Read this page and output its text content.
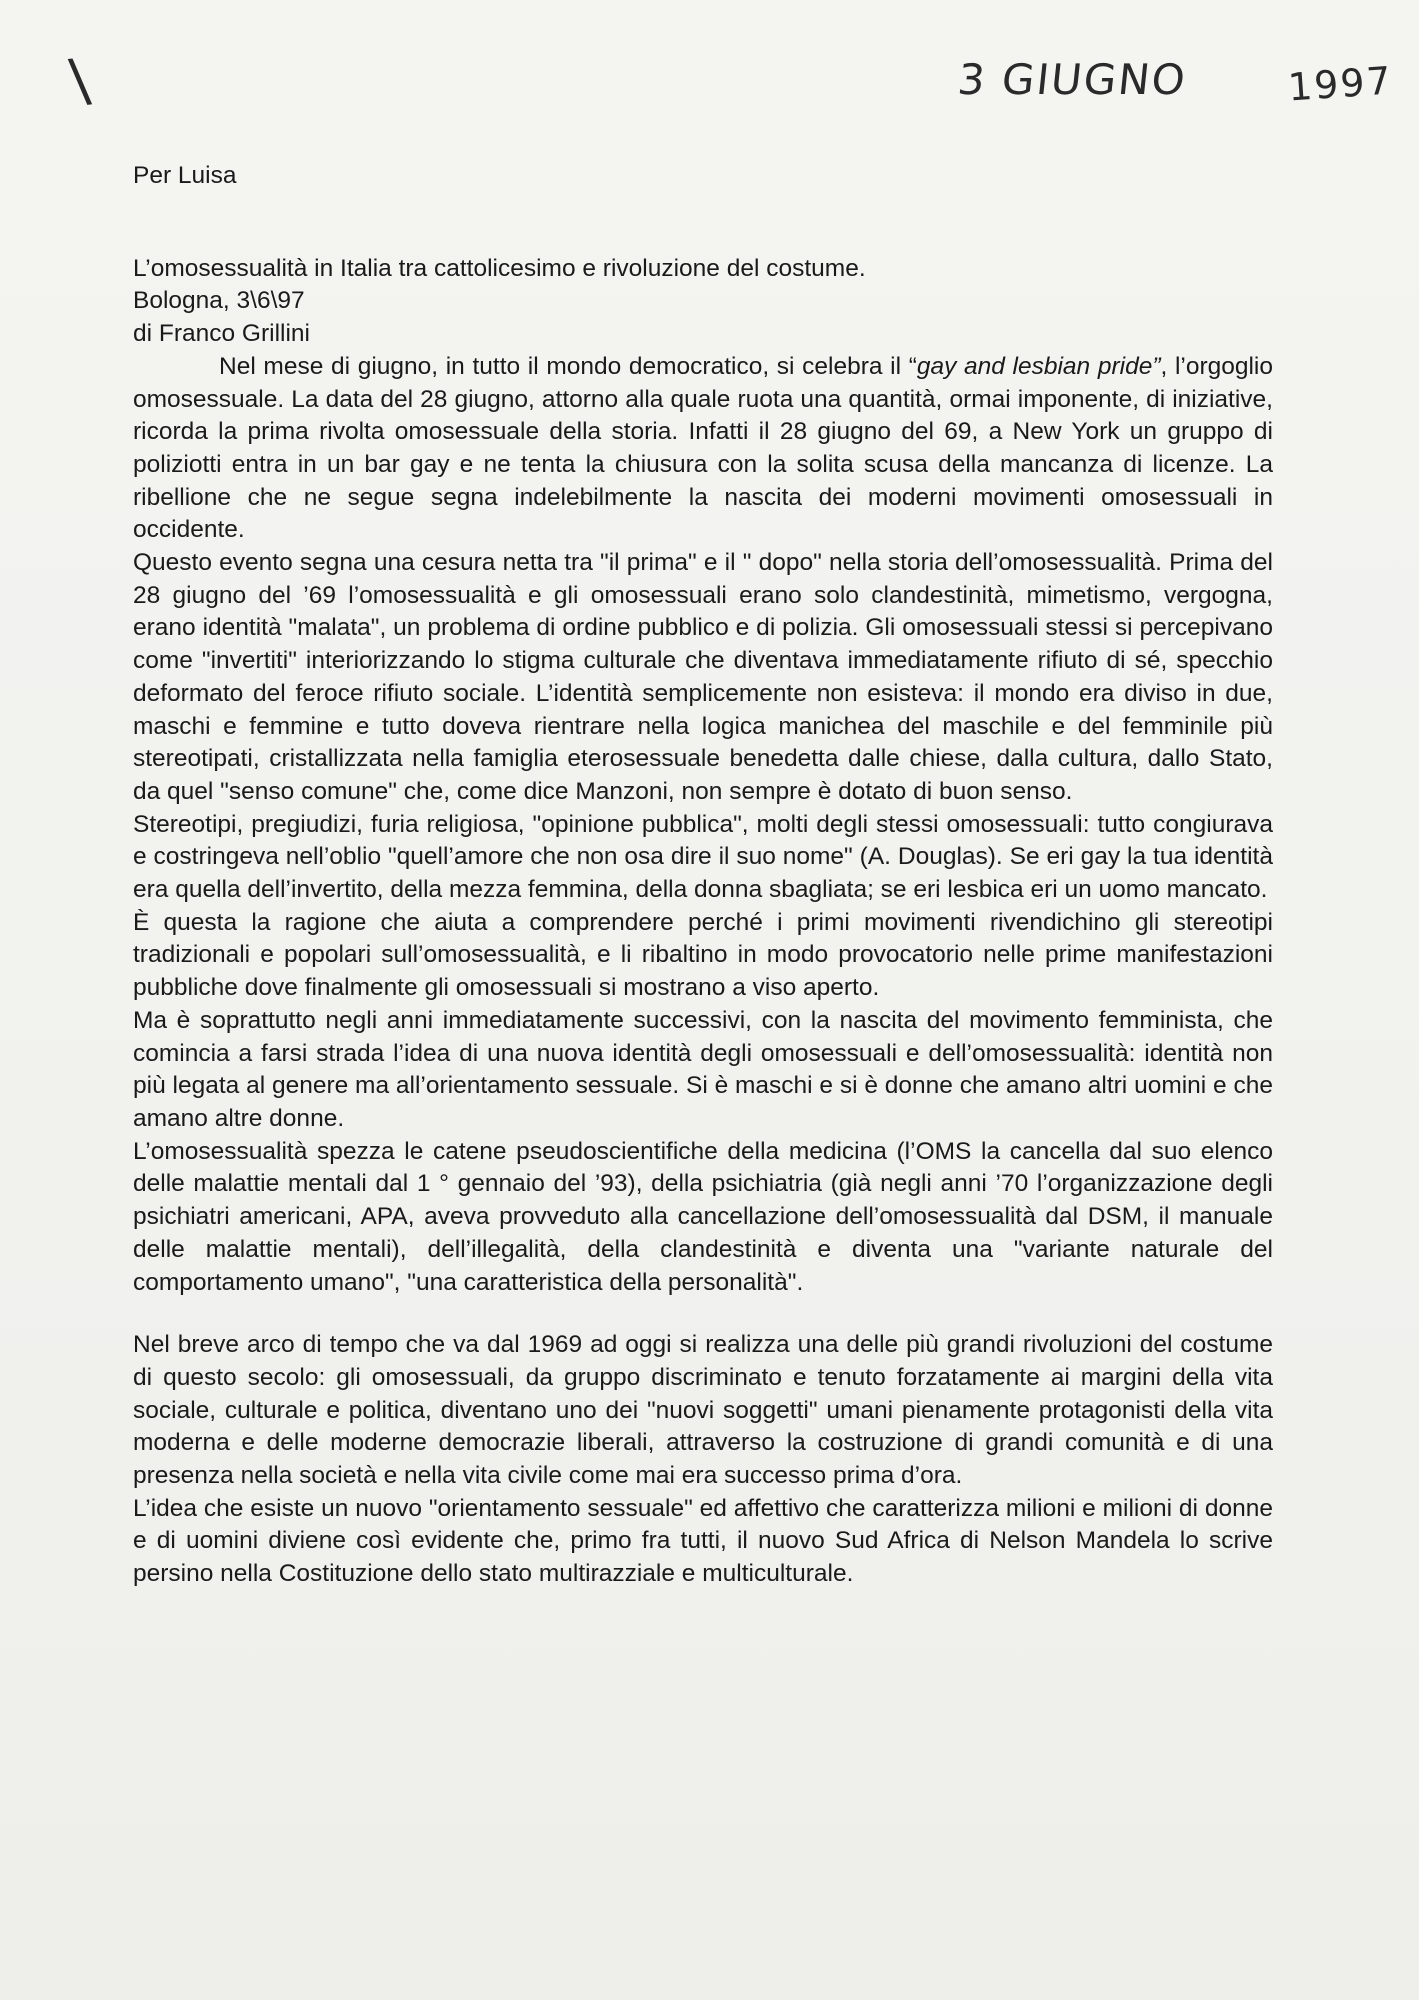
\	3 GIUGNO	1997

Per Luisa

L’omosessualità in Italia tra cattolicesimo e rivoluzione del costume.

Bologna, 3\6\97

di Franco Grillini

Nel mese di giugno, in tutto il mondo democratico, si celebra il “gay and lesbian pride”, l’orgoglio omosessuale. La data del 28 giugno, attorno alla quale ruota una quantità, ormai imponente, di iniziative, ricorda la prima rivolta omosessuale della storia. Infatti il 28 giugno del 69, a New York un gruppo di poliziotti entra in un bar gay e ne tenta la chiusura con la solita scusa della mancanza di licenze. La ribellione che ne segue segna indelebilmente la nascita dei moderni movimenti omosessuali in occidente.

Questo evento segna una cesura netta tra "il prima" e il " dopo" nella storia dell’omosessualità. Prima del 28 giugno del ’69 l’omosessualità e gli omosessuali erano solo clandestinità, mimetismo, vergogna, erano identità "malata", un problema di ordine pubblico e di polizia. Gli omosessuali stessi si percepivano come "invertiti" interiorizzando lo stigma culturale che diventava immediatamente rifiuto di sé, specchio deformato del feroce rifiuto sociale. L’identità semplicemente non esisteva: il mondo era diviso in due, maschi e femmine e tutto doveva rientrare nella logica manichea del maschile e del femminile più stereotipati, cristallizzata nella famiglia eterosessuale benedetta dalle chiese, dalla cultura, dallo Stato, da quel "senso comune" che, come dice Manzoni, non sempre è dotato di buon senso.

Stereotipi, pregiudizi, furia religiosa, "opinione pubblica", molti degli stessi omosessuali: tutto congiurava e costringeva nell’oblio "quell’amore che non osa dire il suo nome" (A. Douglas). Se eri gay la tua identità era quella dell’invertito, della mezza femmina, della donna sbagliata; se eri lesbica eri un uomo mancato.

È questa la ragione che aiuta a comprendere perché i primi movimenti rivendichino gli stereotipi tradizionali e popolari sull’omosessualità, e li ribaltino in modo provocatorio nelle prime manifestazioni pubbliche dove finalmente gli omosessuali si mostrano a viso aperto.

Ma è soprattutto negli anni immediatamente successivi, con la nascita del movimento femminista, che comincia a farsi strada l’idea di una nuova identità degli omosessuali e dell’omosessualità: identità non più legata al genere ma all’orientamento sessuale. Si è maschi e si è donne che amano altri uomini e che amano altre donne.

L’omosessualità spezza le catene pseudoscientifiche della medicina (l’OMS la cancella dal suo elenco delle malattie mentali dal 1 ° gennaio del ’93), della psichiatria (già negli anni ’70 l’organizzazione degli psichiatri americani, APA, aveva provveduto alla cancellazione dell’omosessualità dal DSM, il manuale delle malattie mentali), dell’illegalità, della clandestinità e diventa una "variante naturale del comportamento umano", "una caratteristica della personalità".

Nel breve arco di tempo che va dal 1969 ad oggi si realizza una delle più grandi rivoluzioni del costume di questo secolo: gli omosessuali, da gruppo discriminato e tenuto forzatamente ai margini della vita sociale, culturale e politica, diventano uno dei "nuovi soggetti" umani pienamente protagonisti della vita moderna e delle moderne democrazie liberali, attraverso la costruzione di grandi comunità e di una presenza nella società e nella vita civile come mai era successo prima d’ora.

L’idea che esiste un nuovo "orientamento sessuale" ed affettivo che caratterizza milioni e milioni di donne e di uomini diviene così evidente che, primo fra tutti, il nuovo Sud Africa di Nelson Mandela lo scrive persino nella Costituzione dello stato multirazziale e multiculturale.
